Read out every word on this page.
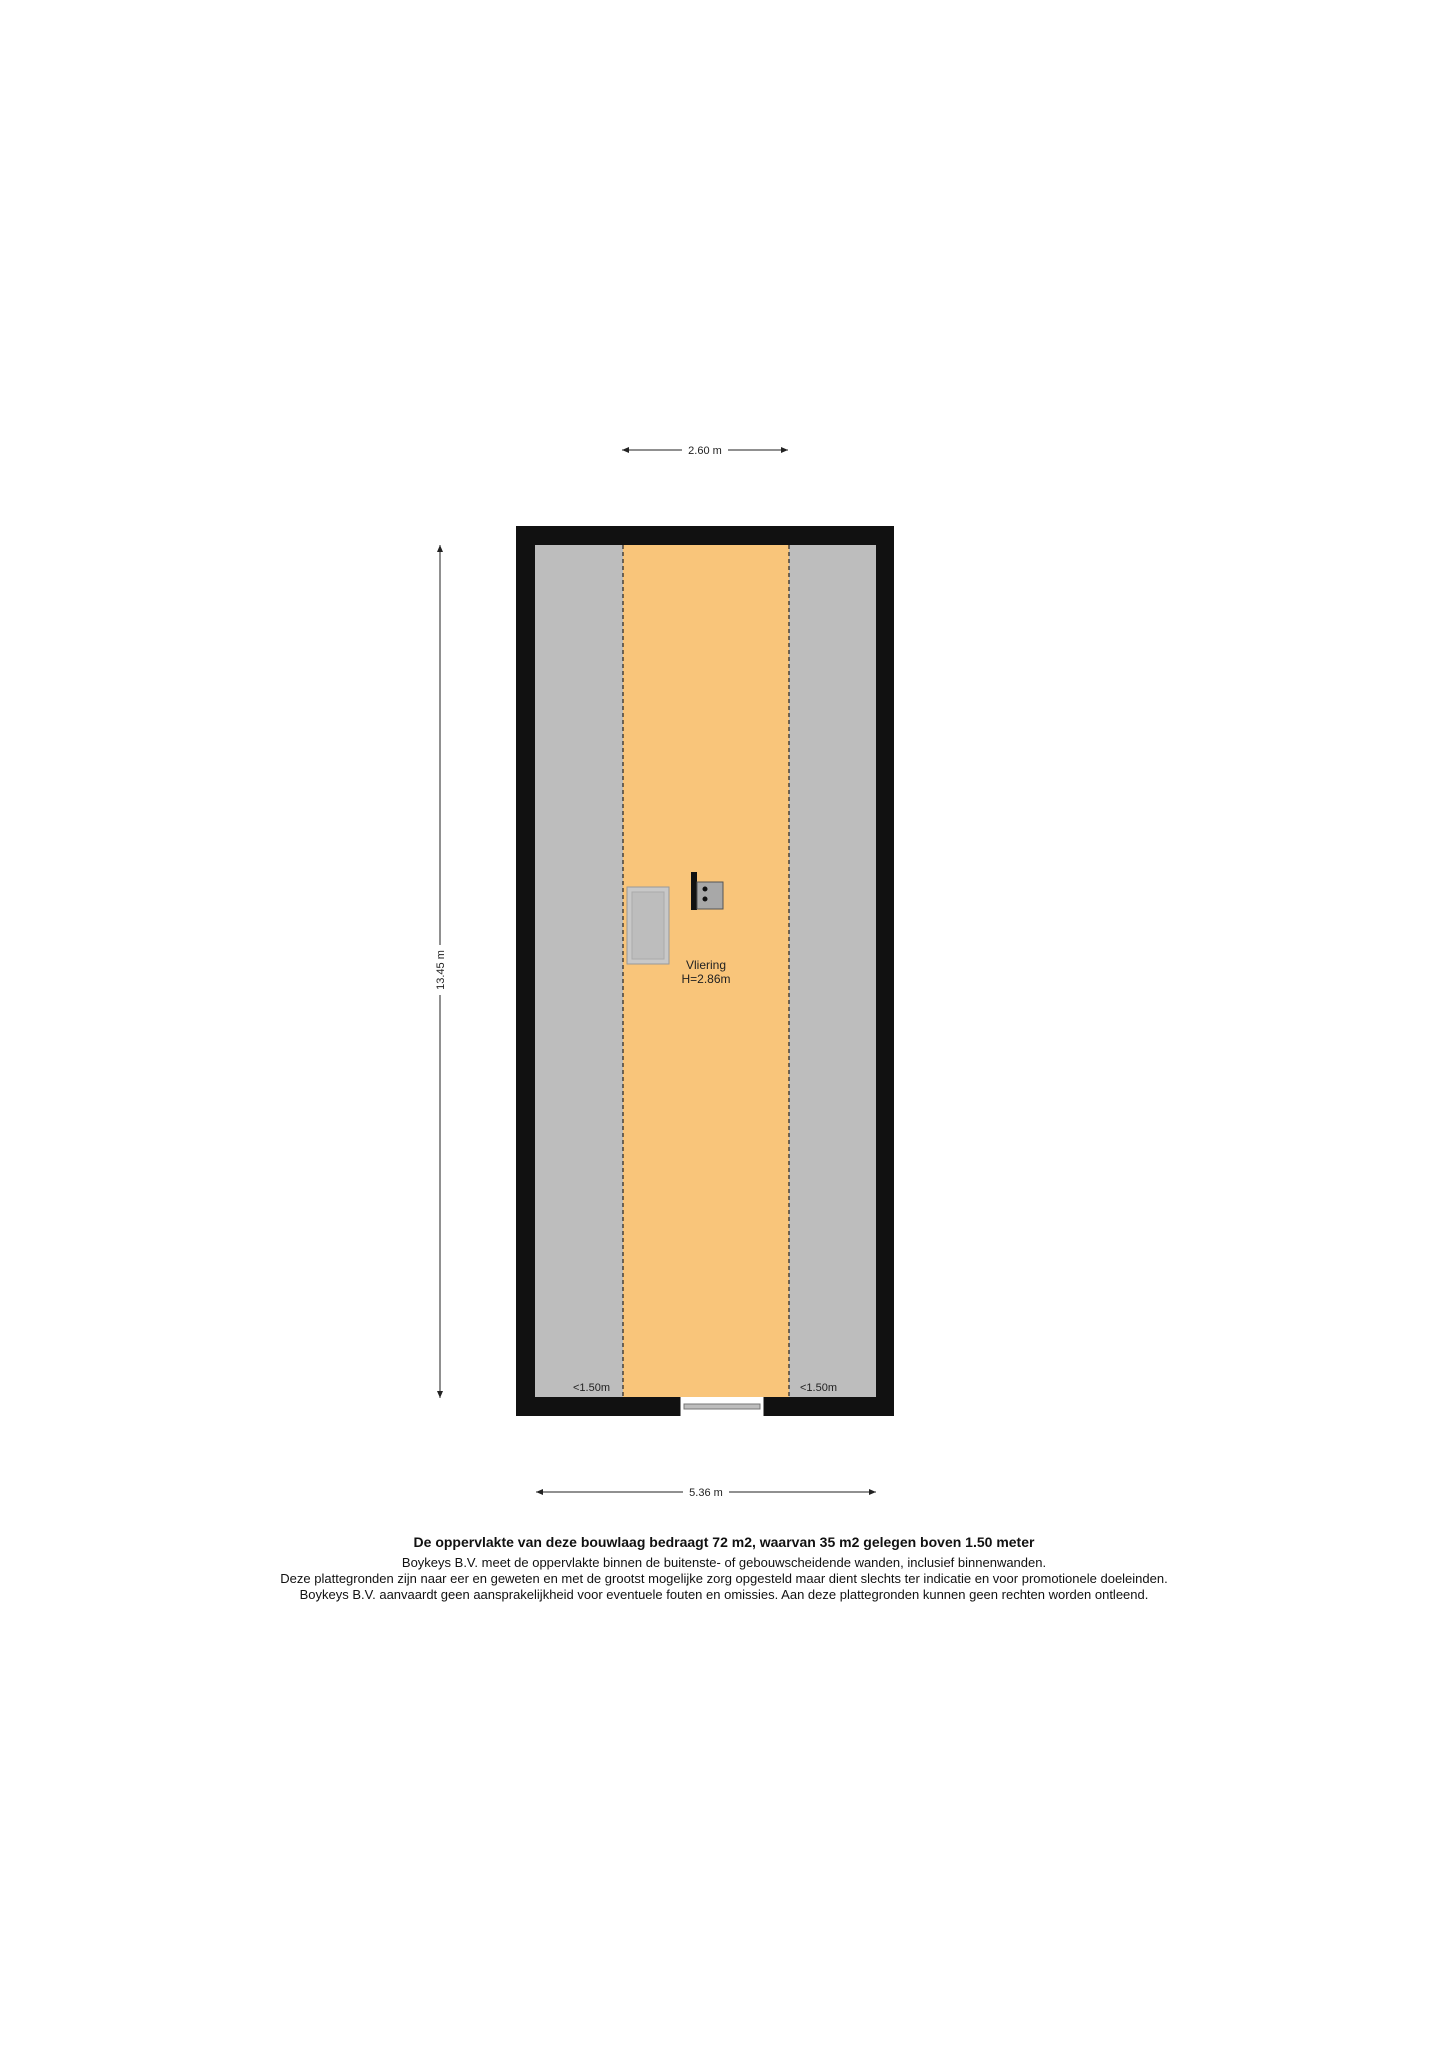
2.60 m
13.45 m	Vliering
H=2.86m
<1.50m	<1.50m
5.36 m
De oppervlakte van deze bouwlaag bedraagt 72 m2, waarvan 35 m2 gelegen boven 1.50 meter
Boykeys B.V. meet de oppervlakte binnen de buitenste- of gebouwscheidende wanden, inclusief binnenwanden.
Deze plattegronden zijn naar eer en geweten en met de grootst mogelijke zorg opgesteld maar dient slechts ter indicatie en voor promotionele doeleinden.
Boykeys B.V. aanvaardt geen aansprakelijkheid voor eventuele fouten en omissies. Aan deze plattegronden kunnen geen rechten worden ontleend.
